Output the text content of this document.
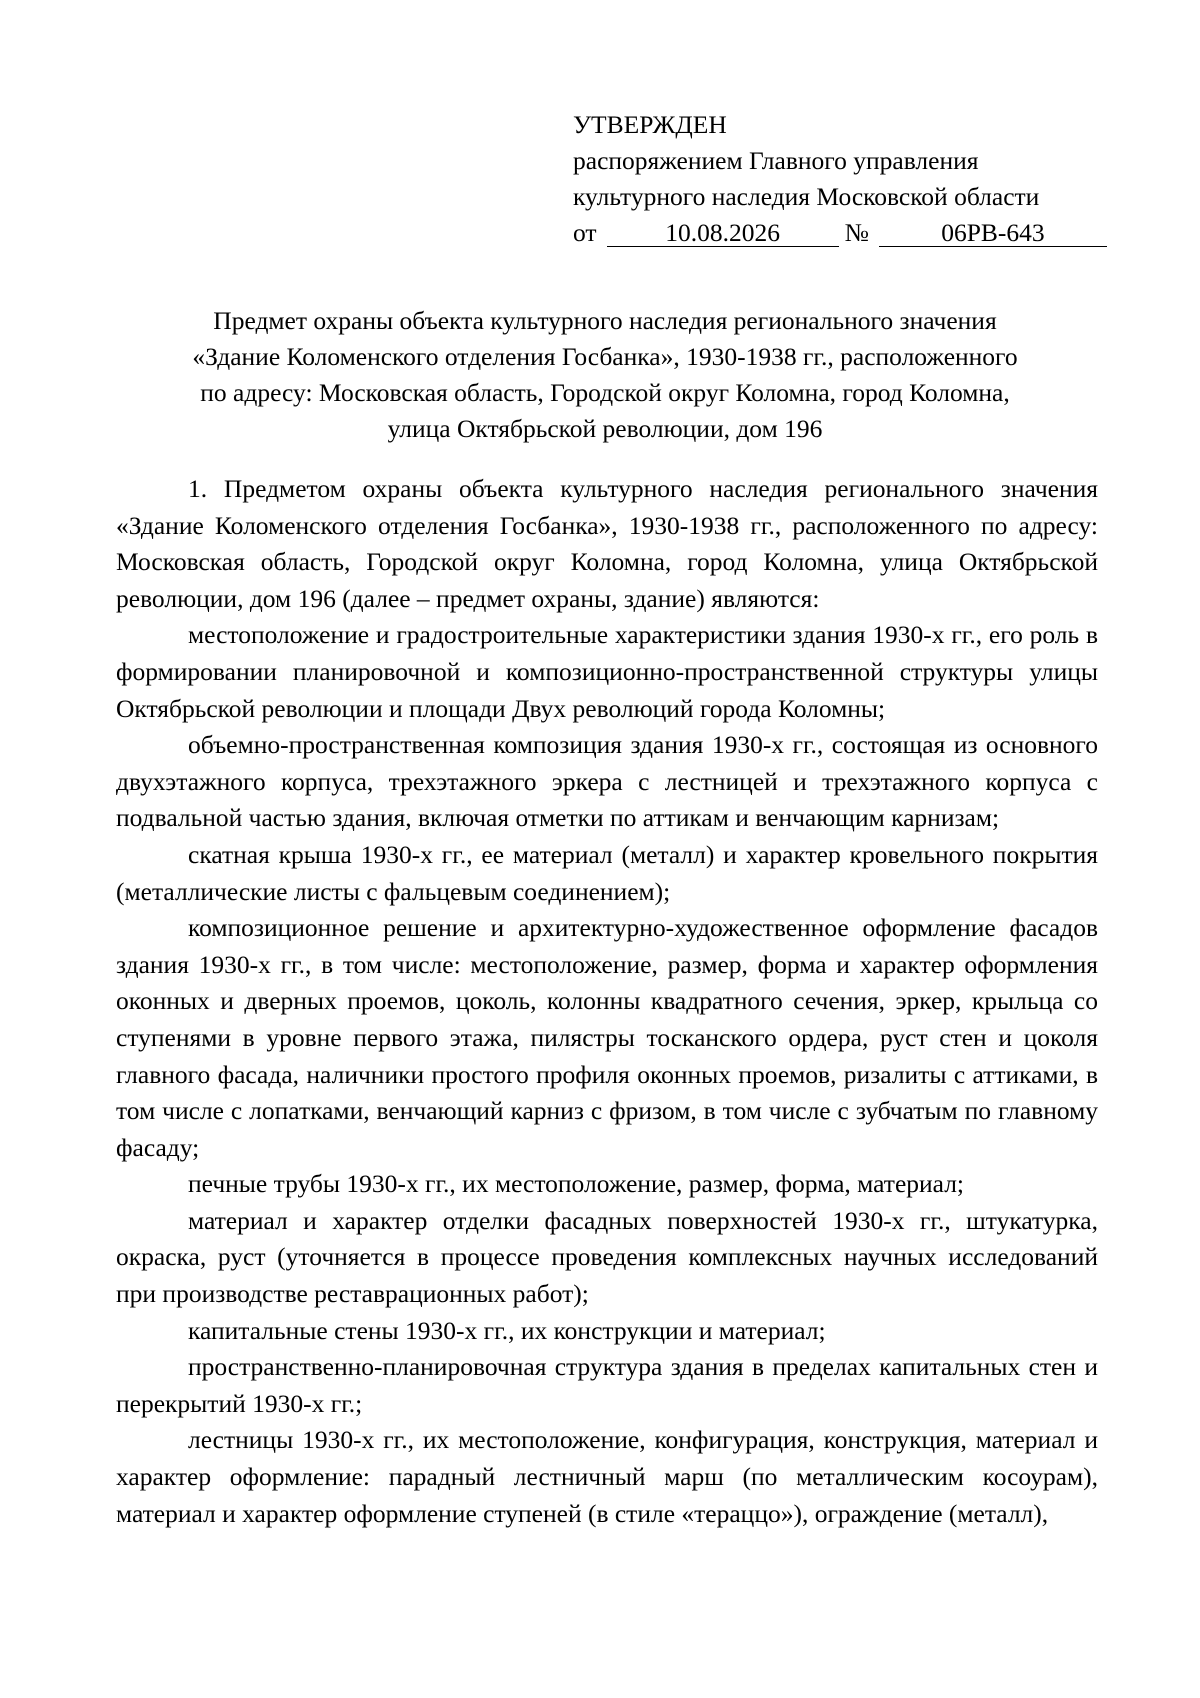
УТВЕРЖДЕН
распоряжением Главного управления
культурного наследия Московской области
от	10.08.2026	№	06РВ-643
Предмет охраны объекта культурного наследия регионального значения
«Здание Коломенского отделения Госбанка», 1930-1938 гг., расположенного
по адресу: Московская область, Городской округ Коломна, город Коломна,
улица Октябрьской революции, дом 196

1. Предметом охраны объекта культурного наследия регионального значения «Здание Коломенского отделения Госбанка», 1930-1938 гг., расположенного по адресу: Московская область, Городской округ Коломна, город Коломна, улица Октябрьской революции, дом 196 (далее – предмет охраны, здание) являются:

местоположение и градостроительные характеристики здания 1930-х гг., его роль в формировании планировочной и композиционно-пространственной структуры улицы Октябрьской революции и площади Двух революций города Коломны;

объемно-пространственная композиция здания 1930-х гг., состоящая из основного двухэтажного корпуса, трехэтажного эркера с лестницей и трехэтажного корпуса с подвальной частью здания, включая отметки по аттикам и венчающим карнизам;

скатная крыша 1930-х гг., ее материал (металл) и характер кровельного покрытия (металлические листы с фальцевым соединением);

композиционное решение и архитектурно-художественное оформление фасадов здания 1930-х гг., в том числе: местоположение, размер, форма и характер оформления оконных и дверных проемов, цоколь, колонны квадратного сечения, эркер, крыльца со ступенями в уровне первого этажа, пилястры тосканского ордера, руст стен и цоколя главного фасада, наличники простого профиля оконных проемов, ризалиты с аттиками, в том числе с лопатками, венчающий карниз с фризом, в том числе с зубчатым по главному фасаду;

печные трубы 1930-х гг., их местоположение, размер, форма, материал;

материал и характер отделки фасадных поверхностей 1930-х гг., штукатурка, окраска, руст (уточняется в процессе проведения комплексных научных исследований при производстве реставрационных работ);

капитальные стены 1930-х гг., их конструкции и материал;

пространственно-планировочная структура здания в пределах капитальных стен и перекрытий 1930-х гг.;

лестницы 1930-х гг., их местоположение, конфигурация, конструкция, материал и характер оформление: парадный лестничный марш (по металлическим косоурам), материал и характер оформление ступеней (в стиле «тераццо»), ограждение (металл),
